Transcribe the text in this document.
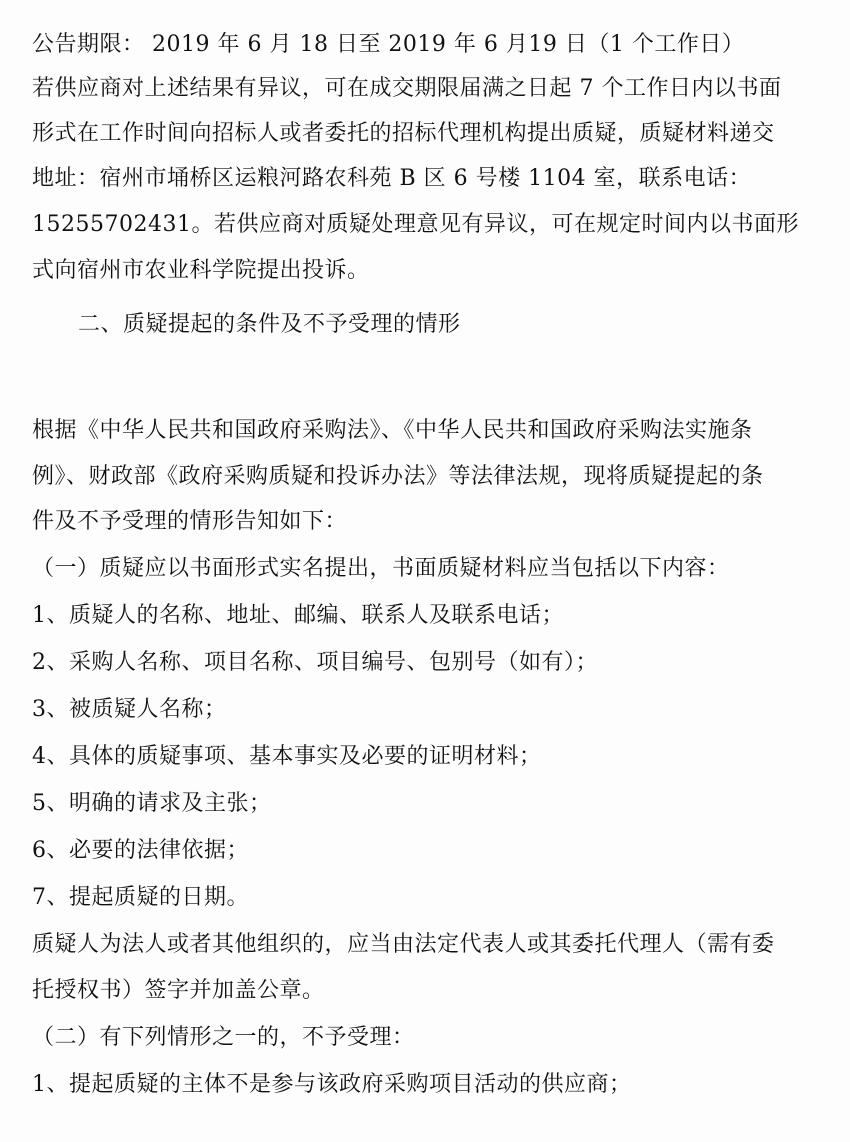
公告期限： 2019 年 6 月 18 日至 2019 年 6 月19 日（1 个工作日）
若供应商对上述结果有异议，可在成交期限届满之日起 7 个工作日内以书面
形式在工作时间向招标人或者委托的招标代理机构提出质疑，质疑材料递交
地址：宿州市埇桥区运粮河路农科苑 B 区 6 号楼 1104 室，联系电话：
15255702431。若供应商对质疑处理意见有异议，可在规定时间内以书面形
式向宿州市农业科学院提出投诉。
二、质疑提起的条件及不予受理的情形
根据《中华人民共和国政府采购法》、《中华人民共和国政府采购法实施条
例》、财政部《政府采购质疑和投诉办法》等法律法规，现将质疑提起的条
件及不予受理的情形告知如下：
（一）质疑应以书面形式实名提出，书面质疑材料应当包括以下内容：
1、质疑人的名称、地址、邮编、联系人及联系电话；
2、采购人名称、项目名称、项目编号、包别号（如有）；
3、被质疑人名称；
4、具体的质疑事项、基本事实及必要的证明材料；
5、明确的请求及主张；
6、必要的法律依据；
7、提起质疑的日期。
质疑人为法人或者其他组织的，应当由法定代表人或其委托代理人（需有委
托授权书）签字并加盖公章。
（二）有下列情形之一的，不予受理：
1、提起质疑的主体不是参与该政府采购项目活动的供应商；
